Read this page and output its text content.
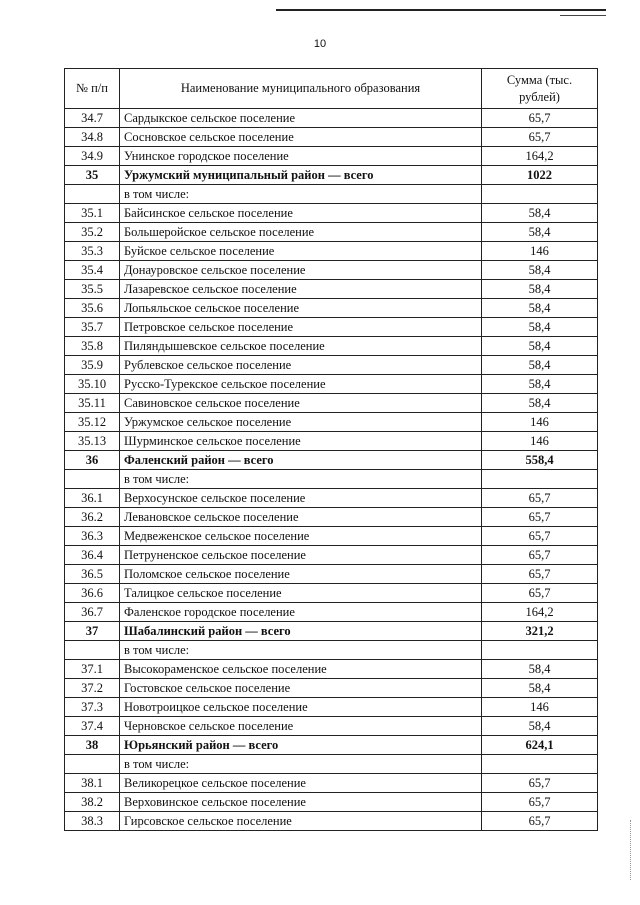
10
№ п/п	Наименование муниципального образования	Сумма (тыс. рублей)
34.7	Сардыкское сельское поселение	65,7
34.8	Сосновское сельское поселение	65,7
34.9	Унинское городское поселение	164,2
35	Уржумский муниципальный район — всего	1022
	в том числе:	
35.1	Байсинское сельское поселение	58,4
35.2	Большеройское сельское поселение	58,4
35.3	Буйское сельское поселение	146
35.4	Донауровское сельское поселение	58,4
35.5	Лазаревское сельское поселение	58,4
35.6	Лопьяльское сельское поселение	58,4
35.7	Петровское сельское поселение	58,4
35.8	Пиляндышевское сельское поселение	58,4
35.9	Рублевское сельское поселение	58,4
35.10	Русско-Турекское сельское поселение	58,4
35.11	Савиновское сельское поселение	58,4
35.12	Уржумское сельское поселение	146
35.13	Шурминское сельское поселение	146
36	Фаленский район — всего	558,4
	в том числе:	
36.1	Верхосунское сельское поселение	65,7
36.2	Левановское сельское поселение	65,7
36.3	Медвеженское сельское поселение	65,7
36.4	Петруненское сельское поселение	65,7
36.5	Поломское сельское поселение	65,7
36.6	Талицкое сельское поселение	65,7
36.7	Фаленское городское поселение	164,2
37	Шабалинский район — всего	321,2
	в том числе:	
37.1	Высокораменское сельское поселение	58,4
37.2	Гостовское сельское поселение	58,4
37.3	Новотроицкое сельское поселение	146
37.4	Черновское сельское поселение	58,4
38	Юрьянский район — всего	624,1
	в том числе:	
38.1	Великорецкое сельское поселение	65,7
38.2	Верховинское сельское поселение	65,7
38.3	Гирсовское сельское поселение	65,7
